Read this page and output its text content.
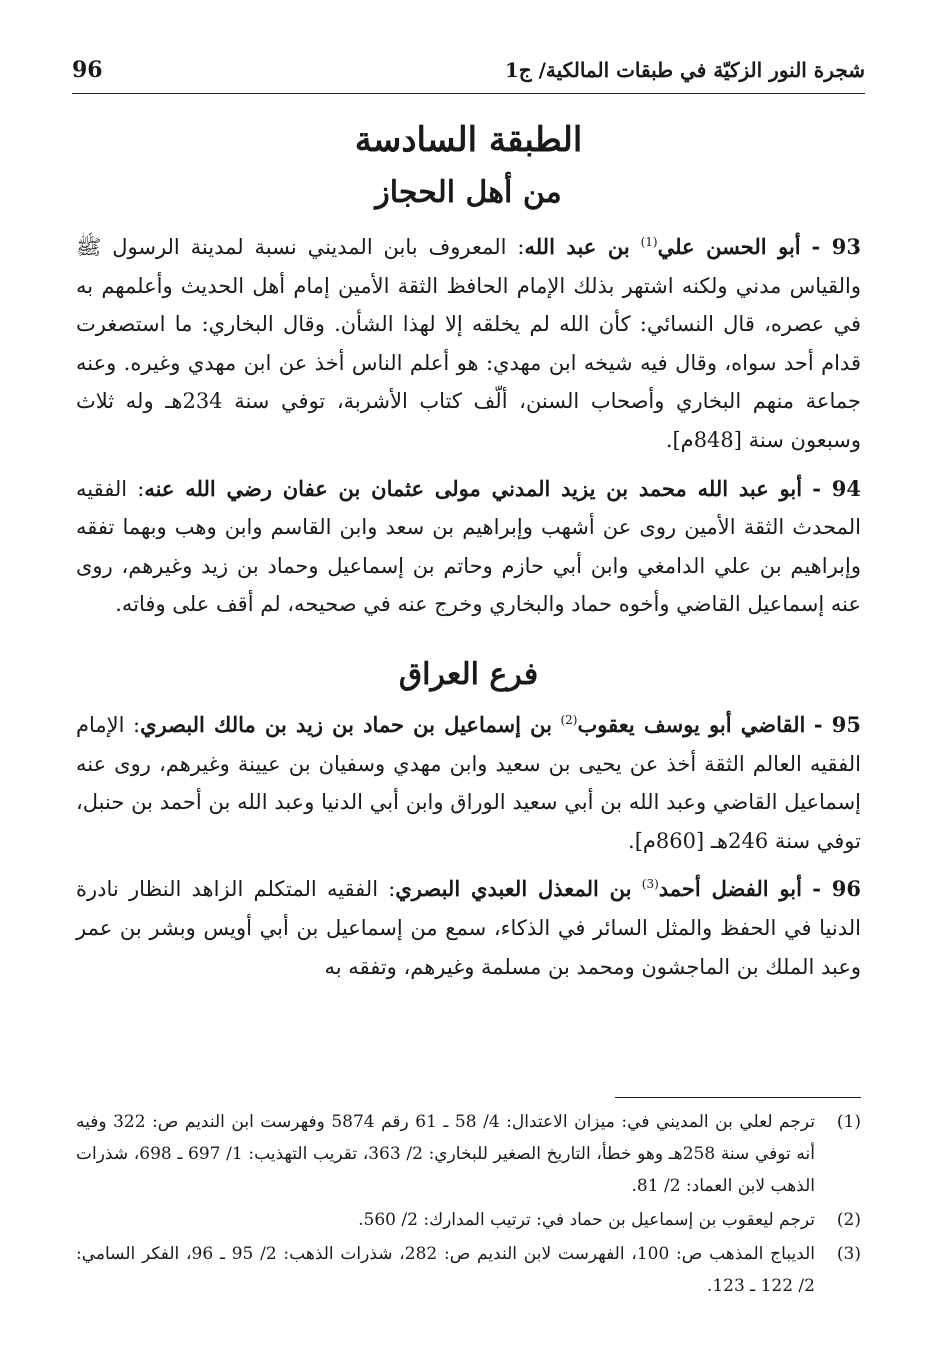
شجرة النور الزكيّة في طبقات المالكية/ ج1
96
الطبقة السادسة
من أهل الحجاز

93 - أبو الحسن علي$^{(1)}$ بن عبد الله: المعروف بابن المديني نسبة لمدينة الرسول ﷺ والقياس مدني ولكنه اشتهر بذلك الإمام الحافظ الثقة الأمين إمام أهل الحديث وأعلمهم به في عصره، قال النسائي: كأن الله لم يخلقه إلا لهذا الشأن. وقال البخاري: ما استصغرت قدام أحد سواه، وقال فيه شيخه ابن مهدي: هو أعلم الناس أخذ عن ابن مهدي وغيره. وعنه جماعة منهم البخاري وأصحاب السنن، ألّف كتاب الأشربة، توفي سنة 234هـ وله ثلاث وسبعون سنة [848م].

94 - أبو عبد الله محمد بن يزيد المدني مولى عثمان بن عفان رضي الله عنه: الفقيه المحدث الثقة الأمين روى عن أشهب وإبراهيم بن سعد وابن القاسم وابن وهب وبهما تفقه وإبراهيم بن علي الدامغي وابن أبي حازم وحاتم بن إسماعيل وحماد بن زيد وغيرهم، روى عنه إسماعيل القاضي وأخوه حماد والبخاري وخرج عنه في صحيحه، لم أقف على وفاته.

فرع العراق

95 - القاضي أبو يوسف يعقوب$^{(2)}$ بن إسماعيل بن حماد بن زيد بن مالك البصري: الإمام الفقيه العالم الثقة أخذ عن يحيى بن سعيد وابن مهدي وسفيان بن عيينة وغيرهم، روى عنه إسماعيل القاضي وعبد الله بن أبي سعيد الوراق وابن أبي الدنيا وعبد الله بن أحمد بن حنبل، توفي سنة 246هـ [860م].

96 - أبو الفضل أحمد$^{(3)}$ بن المعذل العبدي البصري: الفقيه المتكلم الزاهد النظار نادرة الدنيا في الحفظ والمثل السائر في الذكاء، سمع من إسماعيل بن أبي أويس وبشر بن عمر وعبد الملك بن الماجشون ومحمد بن مسلمة وغيرهم، وتفقه به

(1)
ترجم لعلي بن المديني في: ميزان الاعتدال: 4/ 58 ـ 61 رقم 5874 وفهرست ابن النديم ص: 322 وفيه أنه توفي سنة 258هـ وهو خطأ، التاريخ الصغير للبخاري: 2/ 363، تقريب التهذيب: 1/ 697 ـ 698، شذرات الذهب لابن العماد: 2/ 81.
(2)
ترجم ليعقوب بن إسماعيل بن حماد في: ترتيب المدارك: 2/ 560.
(3)
الديباج المذهب ص: 100، الفهرست لابن النديم ص: 282، شذرات الذهب: 2/ 95 ـ 96، الفكر السامي: 2/ 122 ـ 123.
